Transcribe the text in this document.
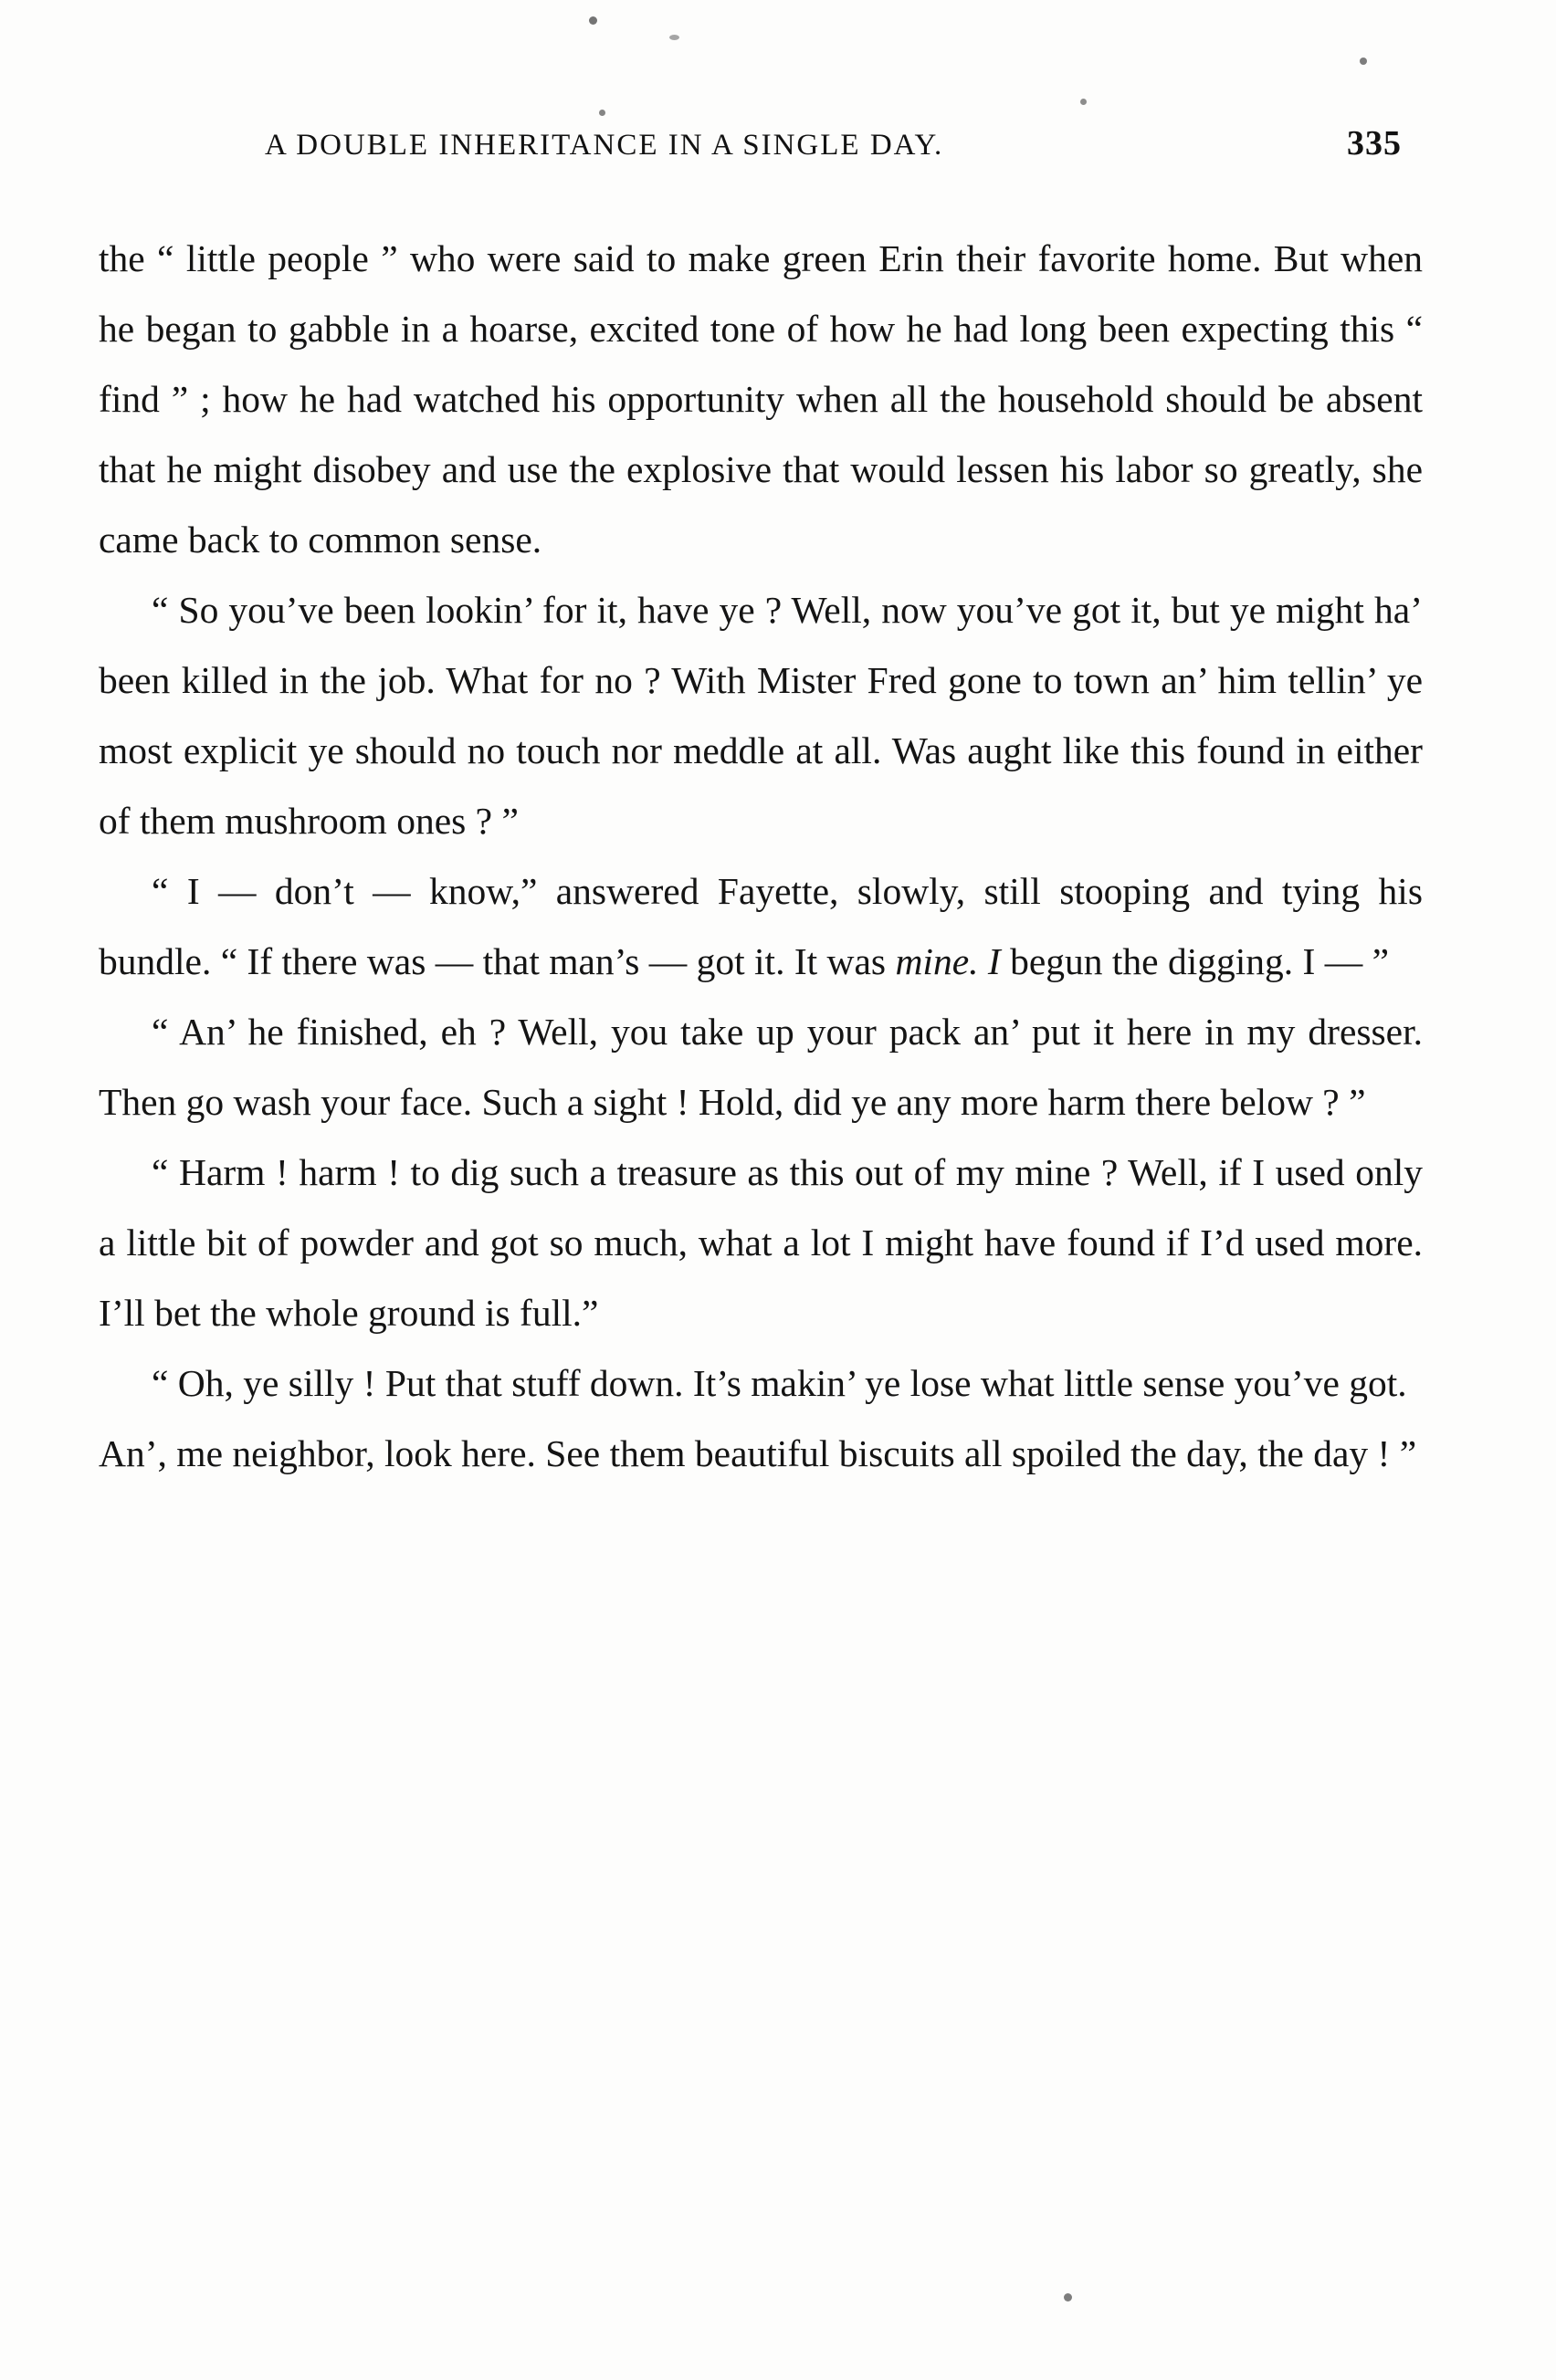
A DOUBLE INHERITANCE IN A SINGLE DAY.	335

the “ little people ” who were said to make green Erin their favorite home. But when he began to gabble in a hoarse, excited tone of how he had long been expecting this “ find ” ; how he had watched his opportunity when all the household should be absent that he might disobey and use the explosive that would lessen his labor so greatly, she came back to common sense.

“ So you’ve been lookin’ for it, have ye ? Well, now you’ve got it, but ye might ha’ been killed in the job. What for no ? With Mister Fred gone to town an’ him tellin’ ye most explicit ye should no touch nor meddle at all. Was aught like this found in either of them mushroom ones ? ”

“ I — don’t — know,” answered Fayette, slowly, still stooping and tying his bundle. “ If there was — that man’s — got it. It was mine. I begun the digging. I — ”

“ An’ he finished, eh ? Well, you take up your pack an’ put it here in my dresser. Then go wash your face. Such a sight ! Hold, did ye any more harm there below ? ”

“ Harm ! harm ! to dig such a treasure as this out of my mine ? Well, if I used only a little bit of powder and got so much, what a lot I might have found if I’d used more. I’ll bet the whole ground is full.”

“ Oh, ye silly ! Put that stuff down. It’s makin’ ye lose what little sense you’ve got. An’, me neighbor, look here. See them beautiful biscuits all spoiled the day, the day ! ”
